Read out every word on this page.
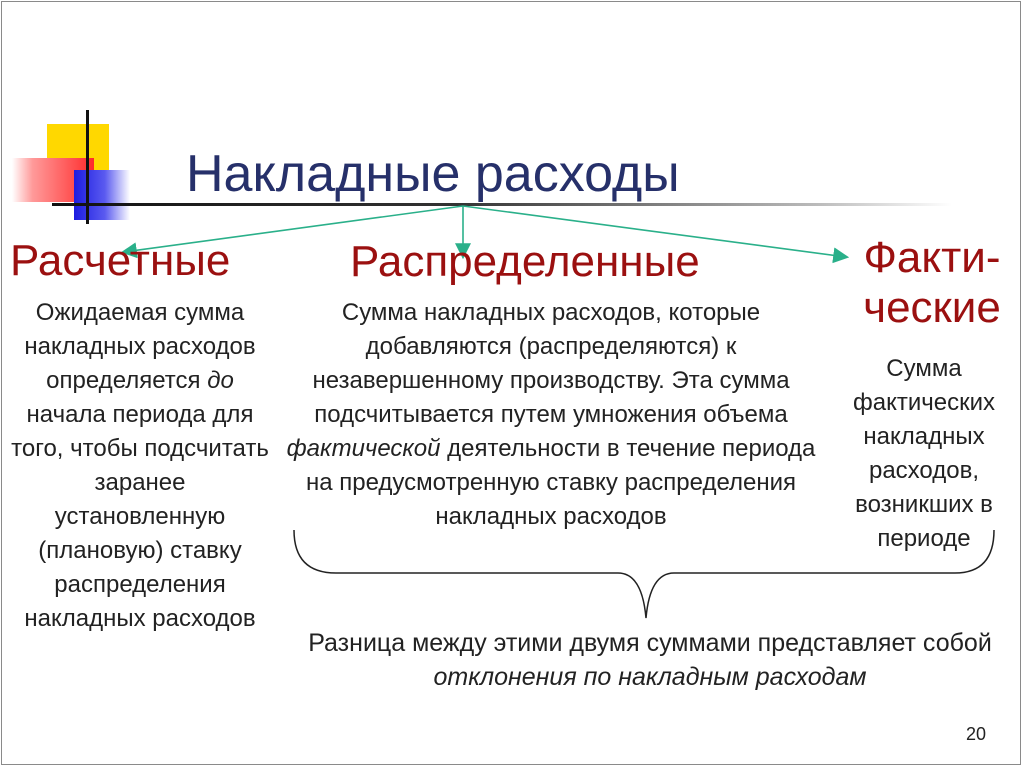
Накладные расходы
Расчетные	Распределенные	Факти-
ческие
Ожидаемая сумма накладных расходов определяется до начала периода для того, чтобы подсчитать заранее установленную (плановую) ставку распределения накладных расходов
Сумма накладных расходов, которые добавляются (распределяются) к незавершенному производству. Эта сумма подсчитывается путем умножения объема фактической деятельности в течение периода на предусмотренную ставку распределения накладных расходов
Сумма фактических накладных расходов, возникших в периоде
Разница между этими двумя суммами представляет собой отклонения по накладным расходам
20
